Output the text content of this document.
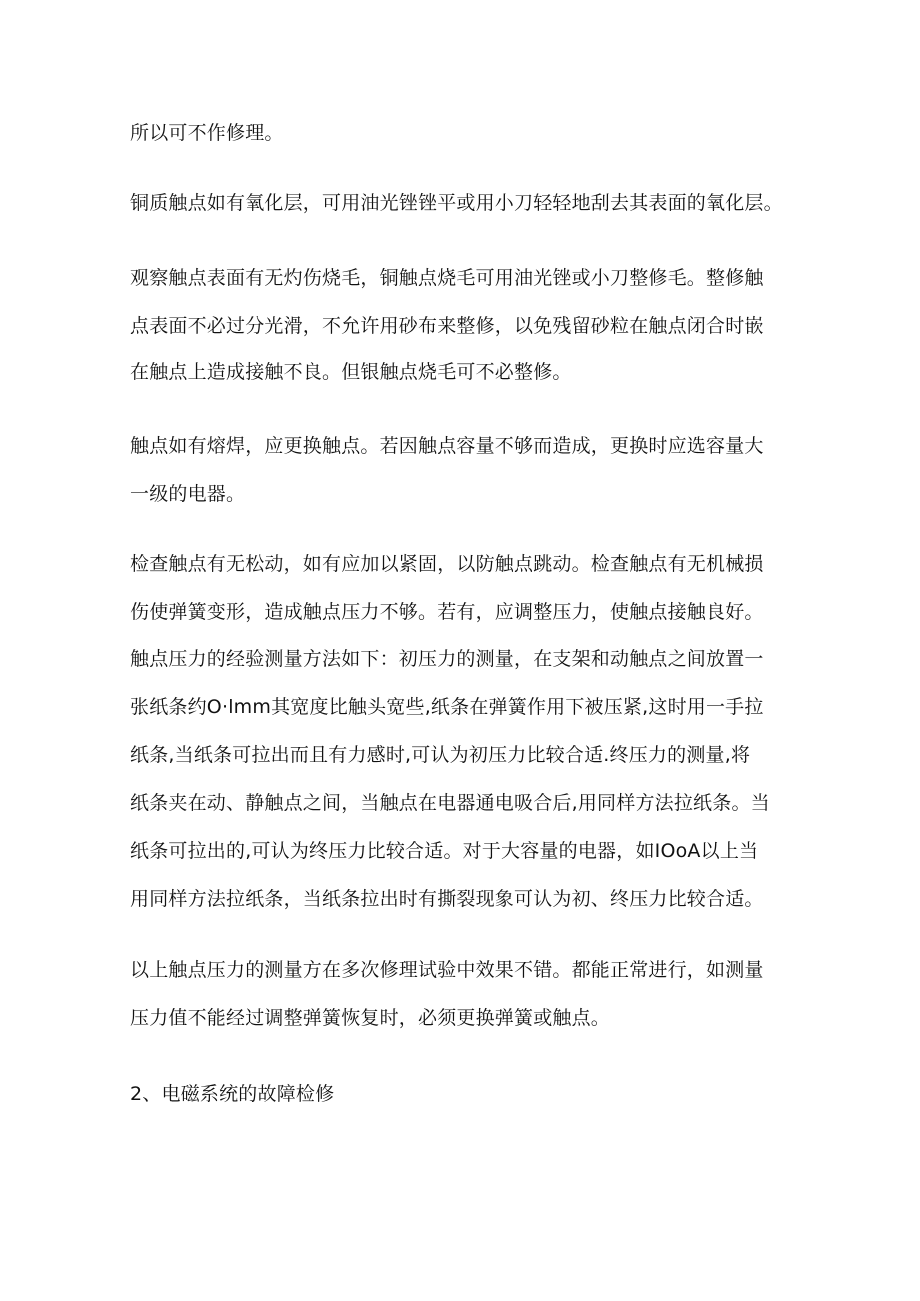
所以可不作修理。
铜质触点如有氧化层，可用油光锉锉平或用小刀轻轻地刮去其表面的氧化层。
观察触点表面有无灼伤烧毛，铜触点烧毛可用油光锉或小刀整修毛。整修触
点表面不必过分光滑，不允许用砂布来整修，以免残留砂粒在触点闭合时嵌
在触点上造成接触不良。但银触点烧毛可不必整修。
触点如有熔焊，应更换触点。若因触点容量不够而造成，更换时应选容量大
一级的电器。
检查触点有无松动，如有应加以紧固，以防触点跳动。检查触点有无机械损
伤使弹簧变形，造成触点压力不够。若有，应调整压力，使触点接触良好。
触点压力的经验测量方法如下：初压力的测量，在支架和动触点之间放置一
张纸条约O·lmm其宽度比触头宽些,纸条在弹簧作用下被压紧,这时用一手拉
纸条,当纸条可拉出而且有力感时,可认为初压力比较合适.终压力的测量,将
纸条夹在动、静触点之间，当触点在电器通电吸合后,用同样方法拉纸条。当
纸条可拉出的,可认为终压力比较合适。对于大容量的电器，如IOoA以上当
用同样方法拉纸条，当纸条拉出时有撕裂现象可认为初、终压力比较合适。
以上触点压力的测量方在多次修理试验中效果不错。都能正常进行，如测量
压力值不能经过调整弹簧恢复时，必须更换弹簧或触点。
2、电磁系统的故障检修
